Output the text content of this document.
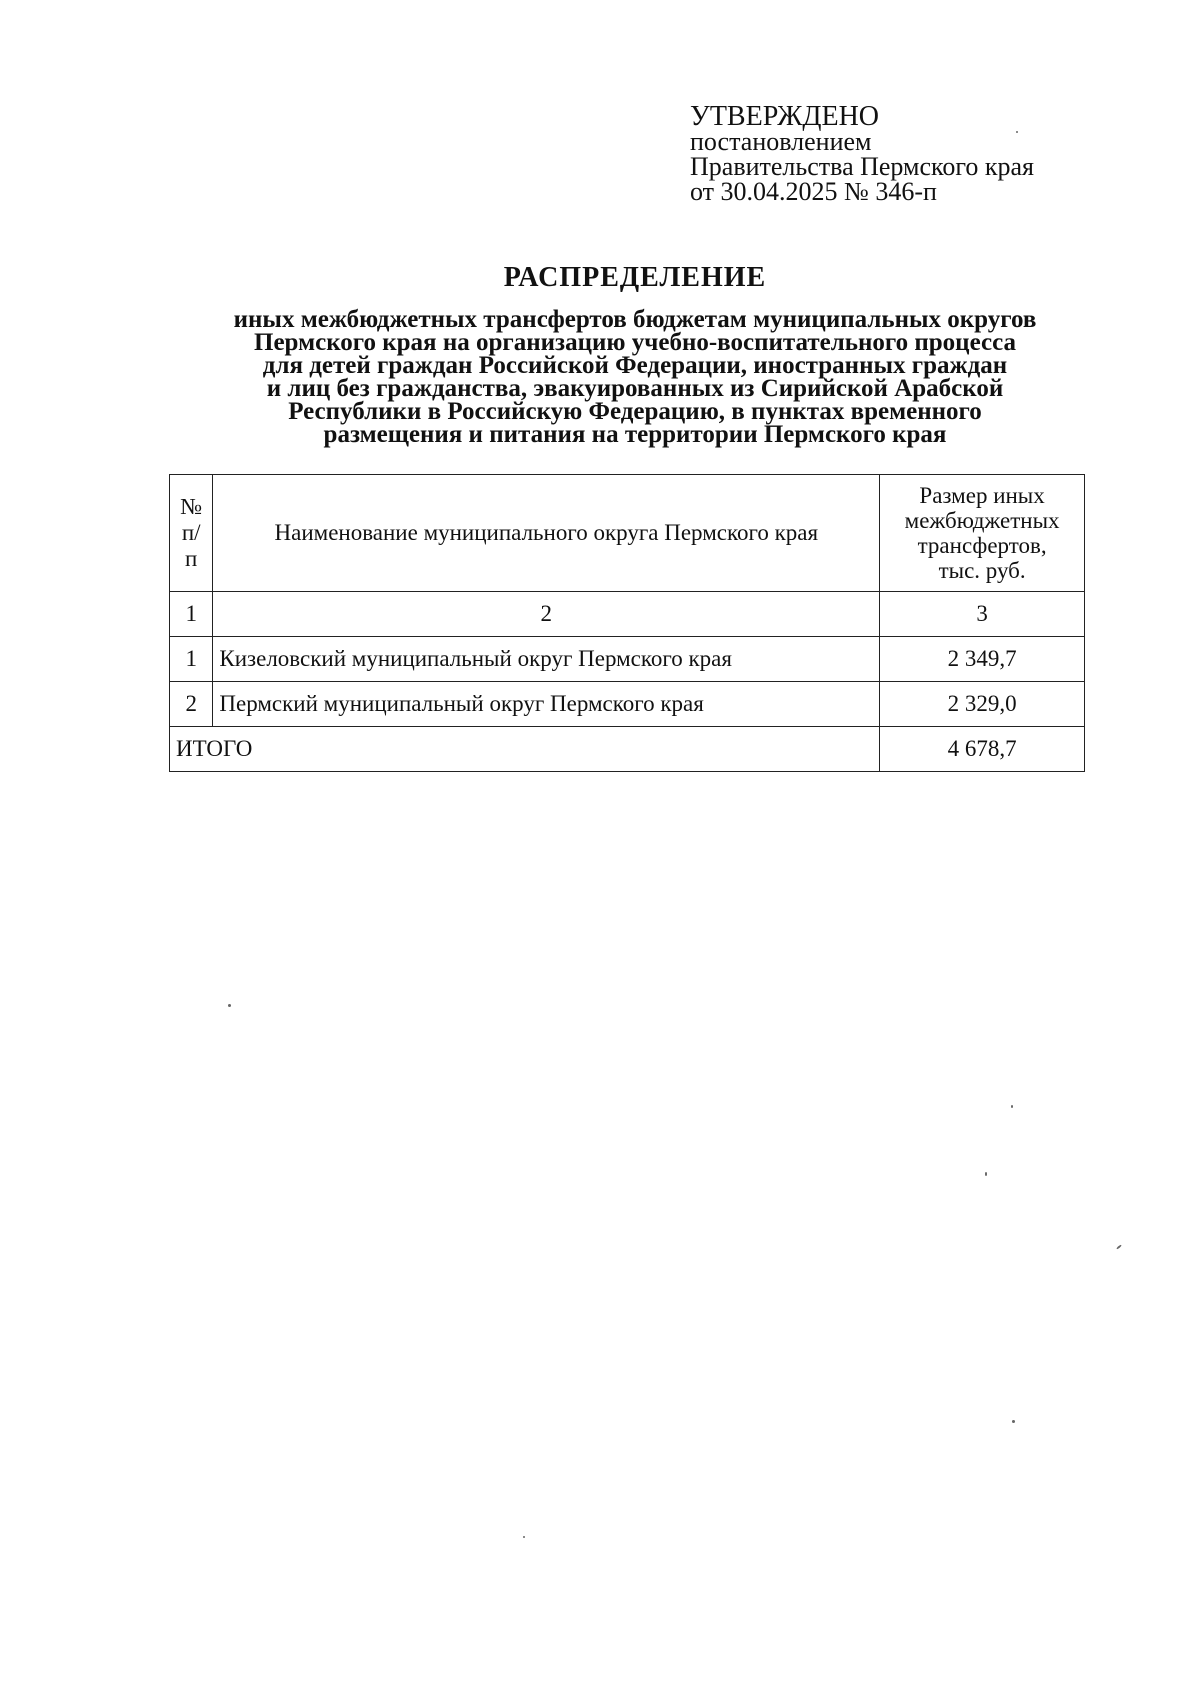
УТВЕРЖДЕНО
постановлением
Правительства Пермского края
от 30.04.2025 № 346-п
РАСПРЕДЕЛЕНИЕ
иных межбюджетных трансфертов бюджетам муниципальных округов
Пермского края на организацию учебно-воспитательного процесса
для детей граждан Российской Федерации, иностранных граждан
и лиц без гражданства, эвакуированных из Сирийской Арабской
Республики в Российскую Федерацию, в пунктах временного
размещения и питания на территории Пермского края
№
п/п	Наименование муниципального округа Пермского края	Размер иных
межбюджетных
трансфертов,
тыс. руб.
1	2	3
1	Кизеловский муниципальный округ Пермского края	2 349,7
2	Пермский муниципальный округ Пермского края	2 329,0
ИТОГО		4 678,7
